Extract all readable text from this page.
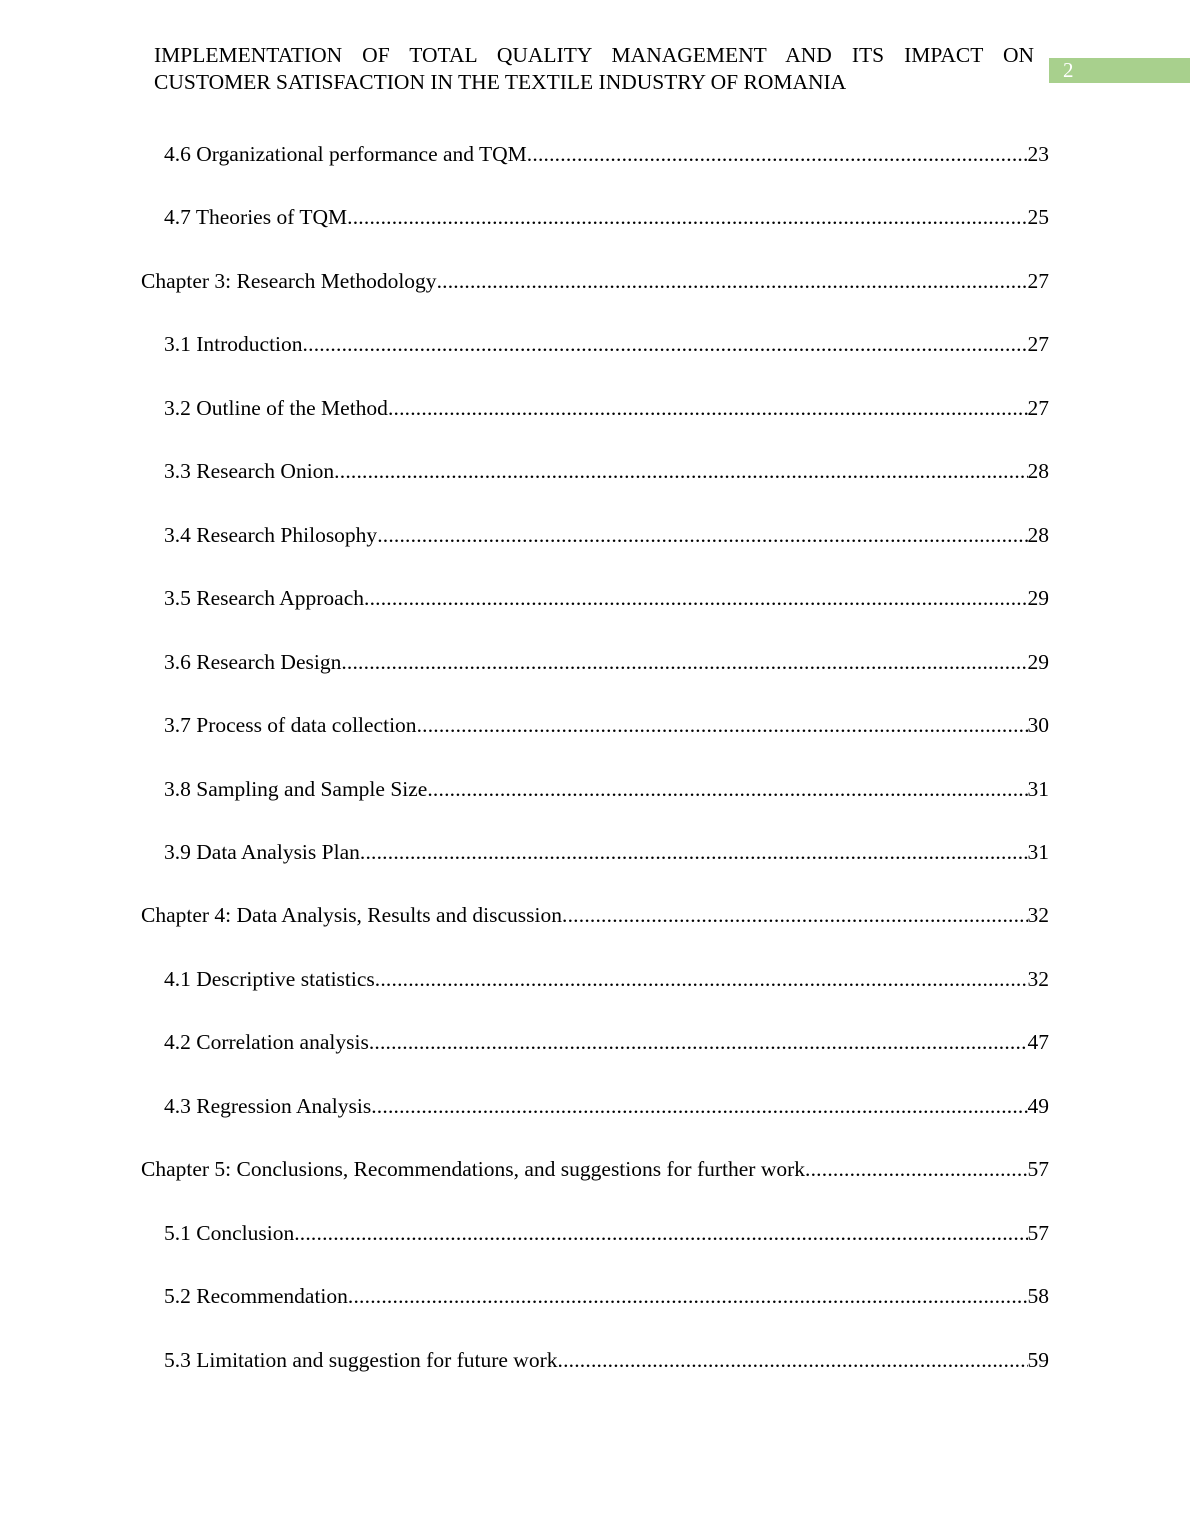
IMPLEMENTATION OF TOTAL QUALITY MANAGEMENT AND ITS IMPACT ON
CUSTOMER SATISFACTION IN THE TEXTILE INDUSTRY OF ROMANIA	2
4.6 Organizational performance and TQM .....	23
4.7 Theories of TQM .....	25
Chapter 3: Research Methodology .....	27
3.1 Introduction .....	27
3.2 Outline of the Method .....	27
3.3 Research Onion .....	28
3.4 Research Philosophy .....	28
3.5 Research Approach .....	29
3.6 Research Design .....	29
3.7 Process of data collection .....	30
3.8 Sampling and Sample Size .....	31
3.9 Data Analysis Plan .....	31
Chapter 4: Data Analysis, Results and discussion .....	32
4.1 Descriptive statistics .....	32
4.2 Correlation analysis .....	47
4.3 Regression Analysis .....	49
Chapter 5: Conclusions, Recommendations, and suggestions for further work .....	57
5.1 Conclusion .....	57
5.2 Recommendation .....	58
5.3 Limitation and suggestion for future work .....	59
